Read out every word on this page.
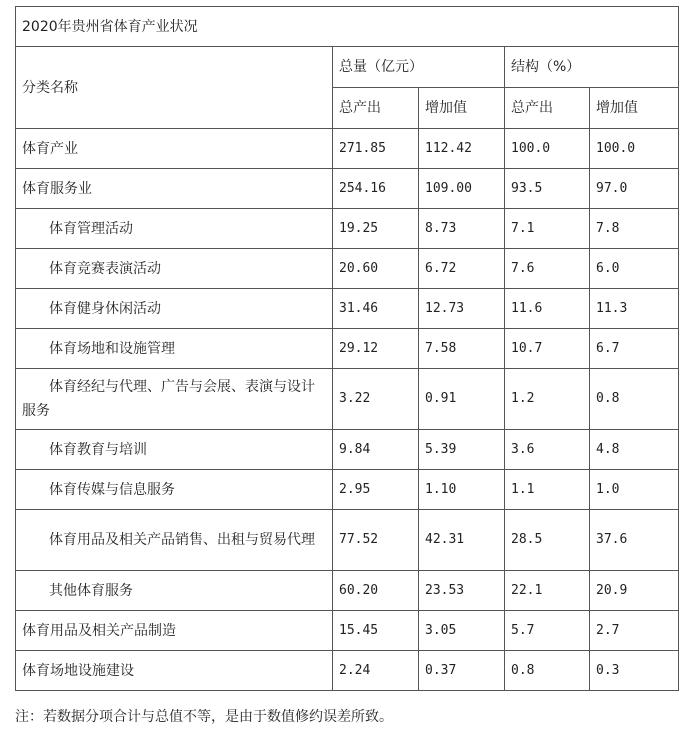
2020年贵州省体育产业状况				
分类名称	总量（亿元）		结构（%）	
	总产出	增加值	总产出	增加值
体育产业	271.85	112.42	100.0	100.0
体育服务业	254.16	109.00	93.5	97.0
体育管理活动	19.25	8.73	7.1	7.8
体育竞赛表演活动	20.60	6.72	7.6	6.0
体育健身休闲活动	31.46	12.73	11.6	11.3
体育场地和设施管理	29.12	7.58	10.7	6.7

体育经纪与代理、广告与会展、表演与设计服务	3.22	0.91	1.2	0.8
体育教育与培训	9.84	5.39	3.6	4.8
体育传媒与信息服务	2.95	1.10	1.1	1.0

体育用品及相关产品销售、出租与贸易代理	77.52	42.31	28.5	37.6
其他体育服务	60.20	23.53	22.1	20.9
体育用品及相关产品制造	15.45	3.05	5.7	2.7
体育场地设施建设	2.24	0.37	0.8	0.3
注：若数据分项合计与总值不等，是由于数值修约误差所致。
